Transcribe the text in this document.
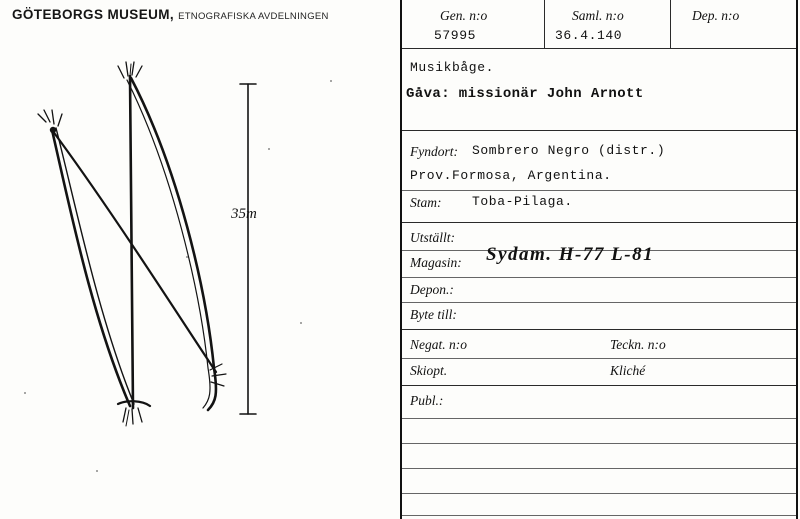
GÖTEBORGS MUSEUM, ETNOGRAFISKA AVDELNINGEN
35m
Gen. n:o
57995
Saml. n:o
36.4.140
Dep. n:o
Musikbåge.
Gåva: missionär John Arnott
Fyndort: Sombrero Negro (distr.)
Prov.Formosa, Argentina.
Stam: Toba-Pilaga.
Utställt:
Magasin: Sydam. H-77 L-81
Depon.:
Byte till:
Negat. n:o	Teckn. n:o
Skiopt.	Kliché
Publ.:
